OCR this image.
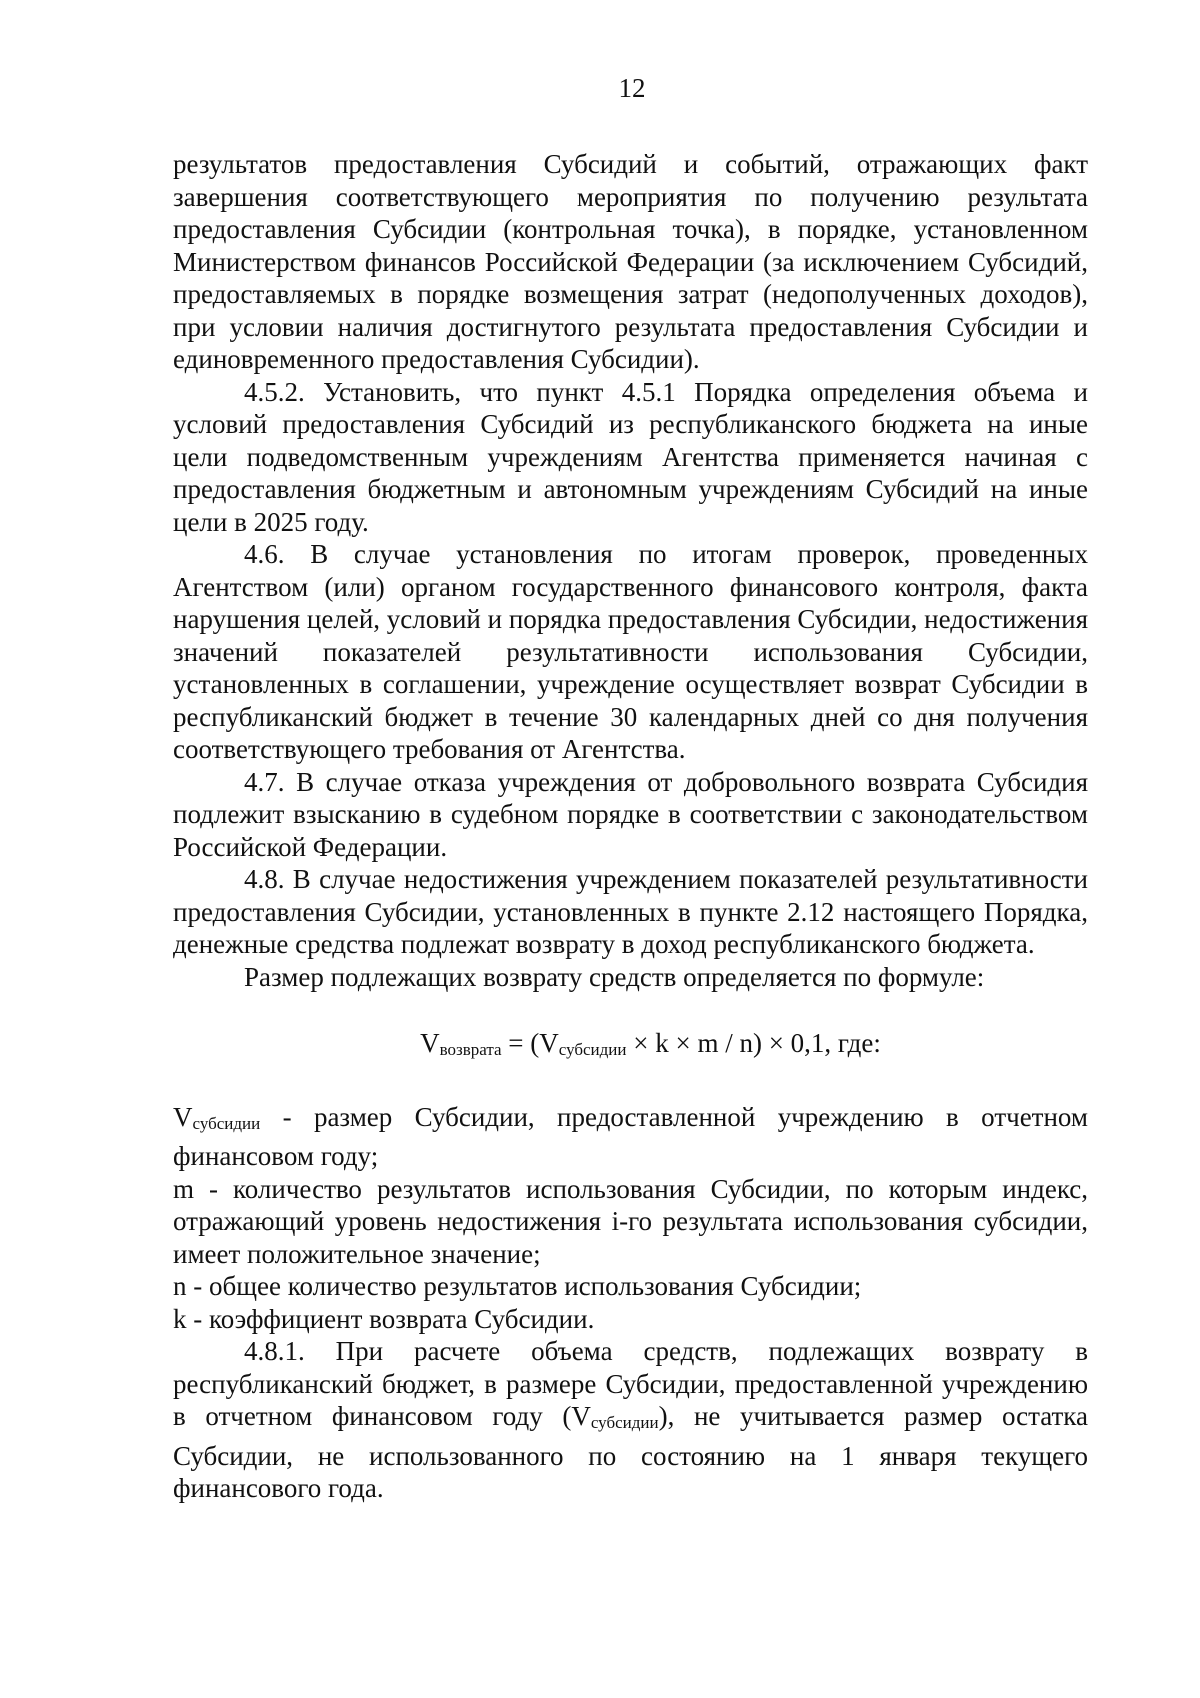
12

результатов предоставления Субсидий и событий, отражающих факт завершения соответствующего мероприятия по получению результата предоставления Субсидии (контрольная точка), в порядке, установленном Министерством финансов Российской Федерации (за исключением Субсидий, предоставляемых в порядке возмещения затрат (недополученных доходов), при условии наличия достигнутого результата предоставления Субсидии и единовременного предоставления Субсидии).

4.5.2. Установить, что пункт 4.5.1 Порядка определения объема и условий предоставления Субсидий из республиканского бюджета на иные цели подведомственным учреждениям Агентства применяется начиная с предоставления бюджетным и автономным учреждениям Субсидий на иные цели в 2025 году.

4.6. В случае установления по итогам проверок, проведенных Агентством (или) органом государственного финансового контроля, факта нарушения целей, условий и порядка предоставления Субсидии, недостижения значений показателей результативности использования Субсидии, установленных в соглашении, учреждение осуществляет возврат Субсидии в республиканский бюджет в течение 30 календарных дней со дня получения соответствующего требования от Агентства.

4.7. В случае отказа учреждения от добровольного возврата Субсидия подлежит взысканию в судебном порядке в соответствии с законодательством Российской Федерации.

4.8. В случае недостижения учреждением показателей результативности предоставления Субсидии, установленных в пункте 2.12 настоящего Порядка, денежные средства подлежат возврату в доход республиканского бюджета.

Размер подлежащих возврату средств определяется по формуле:

Vвозврата = (Vсубсидии × k × m / n) × 0,1, где:

Vсубсидии - размер Субсидии, предоставленной учреждению в отчетном финансовом году;

m - количество результатов использования Субсидии, по которым индекс, отражающий уровень недостижения i-го результата использования субсидии, имеет положительное значение;

n - общее количество результатов использования Субсидии;

k - коэффициент возврата Субсидии.

4.8.1. При расчете объема средств, подлежащих возврату в республиканский бюджет, в размере Субсидии, предоставленной учреждению в отчетном финансовом году (Vсубсидии), не учитывается размер остатка Субсидии, не использованного по состоянию на 1 января текущего финансового года.
